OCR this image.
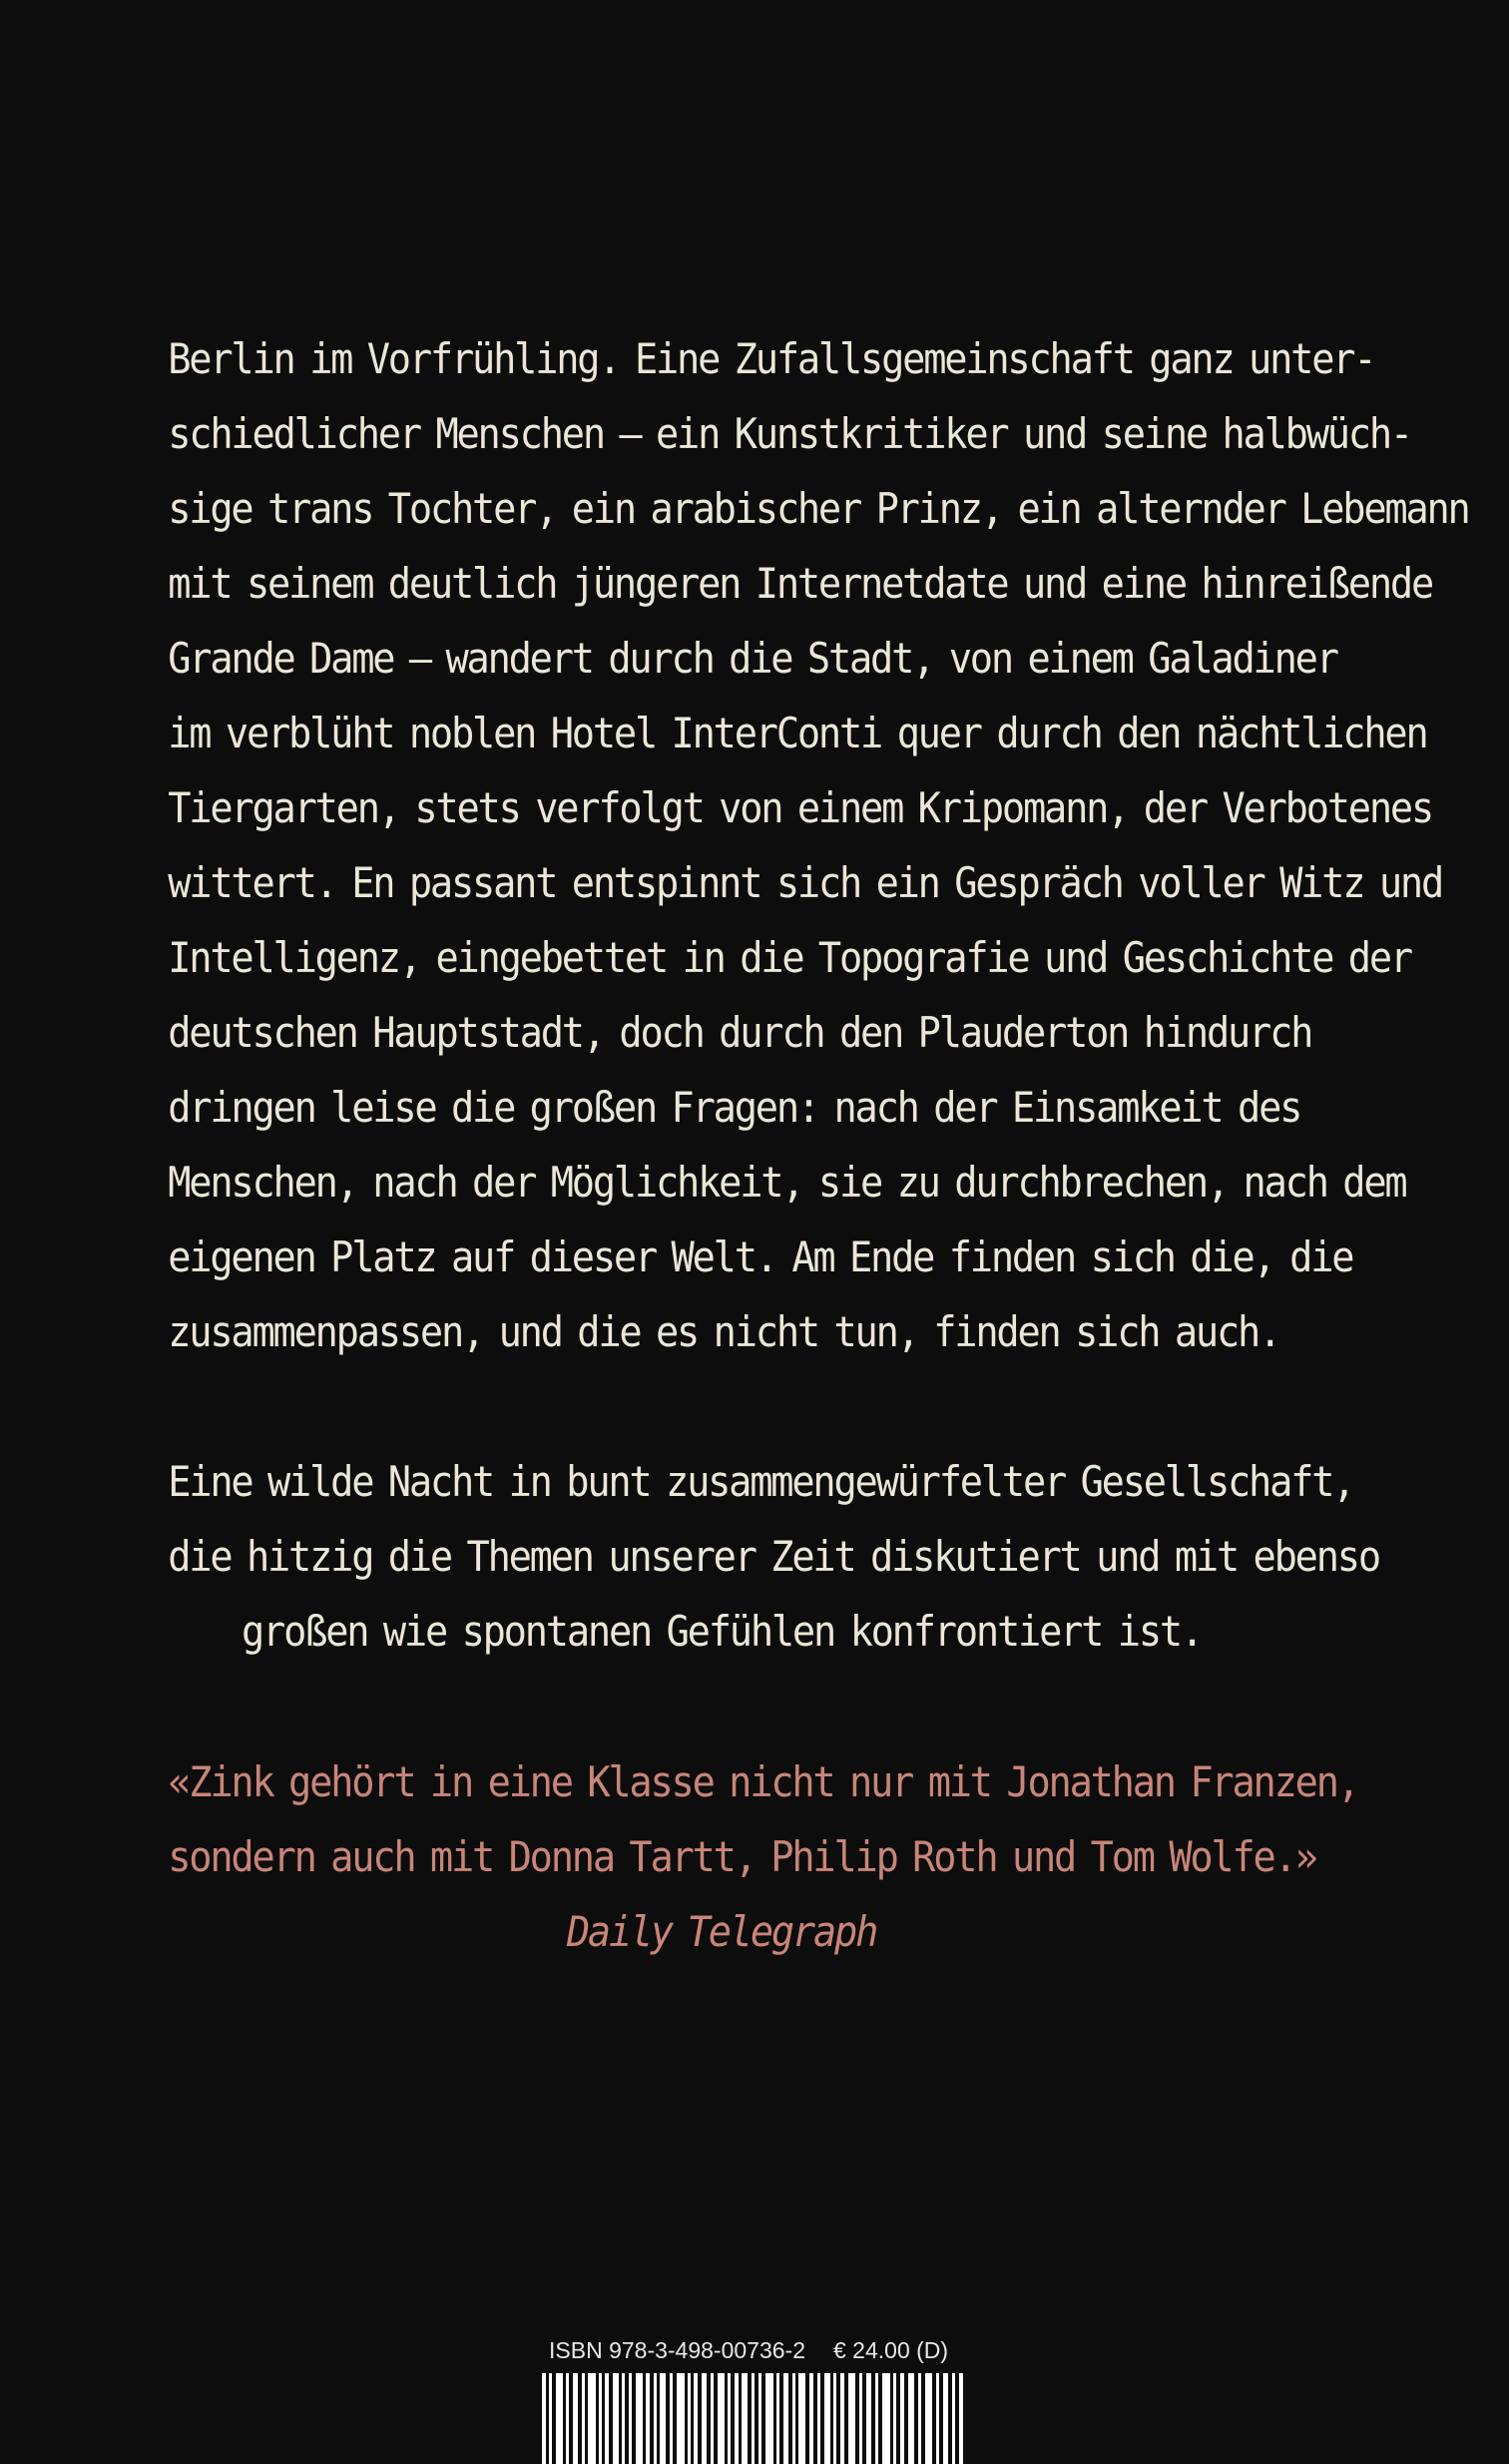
Berlin im Vorfrühling. Eine Zufallsgemeinschaft ganz unter-
schiedlicher Menschen – ein Kunstkritiker und seine halbwüch-
sige trans Tochter, ein arabischer Prinz, ein alternder Lebemann
mit seinem deutlich jüngeren Internetdate und eine hinreißende
Grande Dame – wandert durch die Stadt, von einem Galadiner
im verblüht noblen Hotel InterConti quer durch den nächtlichen
Tiergarten, stets verfolgt von einem Kripomann, der Verbotenes
wittert. En passant entspinnt sich ein Gespräch voller Witz und
Intelligenz, eingebettet in die Topografie und Geschichte der
deutschen Hauptstadt, doch durch den Plauderton hindurch
dringen leise die großen Fragen: nach der Einsamkeit des
Menschen, nach der Möglichkeit, sie zu durchbrechen, nach dem
eigenen Platz auf dieser Welt. Am Ende finden sich die, die
zusammenpassen, und die es nicht tun, finden sich auch.
Eine wilde Nacht in bunt zusammengewürfelter Gesellschaft,
die hitzig die Themen unserer Zeit diskutiert und mit ebenso
großen wie spontanen Gefühlen konfrontiert ist.
«Zink gehört in eine Klasse nicht nur mit Jonathan Franzen,
sondern auch mit Donna Tartt, Philip Roth und Tom Wolfe.»
Daily Telegraph
ISBN 978-3-498-00736-2 € 24.00 (D)
